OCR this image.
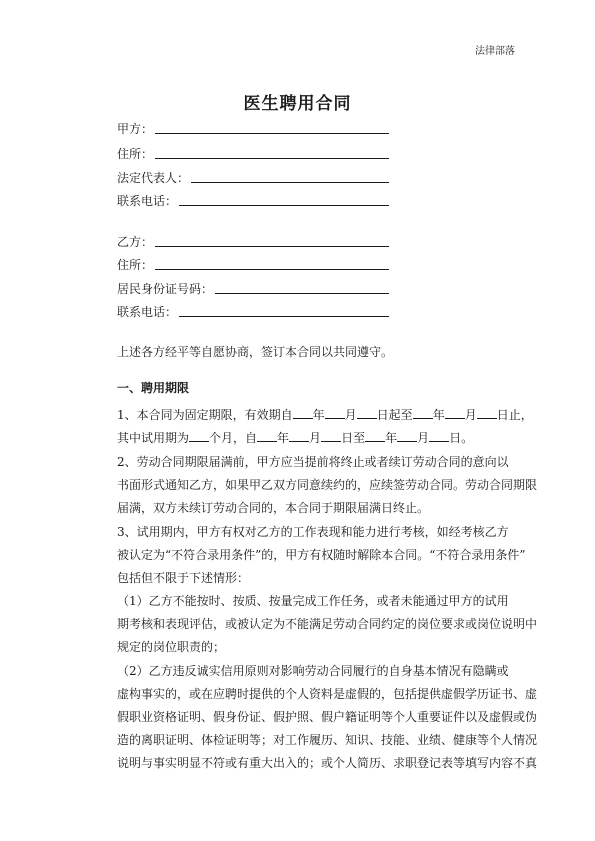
法律部落
医生聘用合同
甲方：
住所：
法定代表人：
联系电话：
乙方：
住所：
居民身份证号码：
联系电话：
上述各方经平等自愿协商，签订本合同以共同遵守。
一、聘用期限
1、本合同为固定期限，有效期自 年 月 日起至 年 月 日止，
其中试用期为 个月，自 年 月 日至 年 月 日。
2、劳动合同期限届满前，甲方应当提前将终止或者续订劳动合同的意向以
书面形式通知乙方，如果甲乙双方同意续约的，应续签劳动合同。劳动合同期限
届满，双方未续订劳动合同的，本合同于期限届满日终止。
3、试用期内，甲方有权对乙方的工作表现和能力进行考核，如经考核乙方
被认定为“不符合录用条件”的，甲方有权随时解除本合同。“不符合录用条件”
包括但不限于下述情形：
（1）乙方不能按时、按质、按量完成工作任务，或者未能通过甲方的试用
期考核和表现评估，或被认定为不能满足劳动合同约定的岗位要求或岗位说明中
规定的岗位职责的；
（2）乙方违反诚实信用原则对影响劳动合同履行的自身基本情况有隐瞒或
虚构事实的，或在应聘时提供的个人资料是虚假的，包括提供虚假学历证书、虚
假职业资格证明、假身份证、假护照、假户籍证明等个人重要证件以及虚假或伪
造的离职证明、体检证明等；对工作履历、知识、技能、业绩、健康等个人情况
说明与事实明显不符或有重大出入的；或个人简历、求职登记表等填写内容不真
